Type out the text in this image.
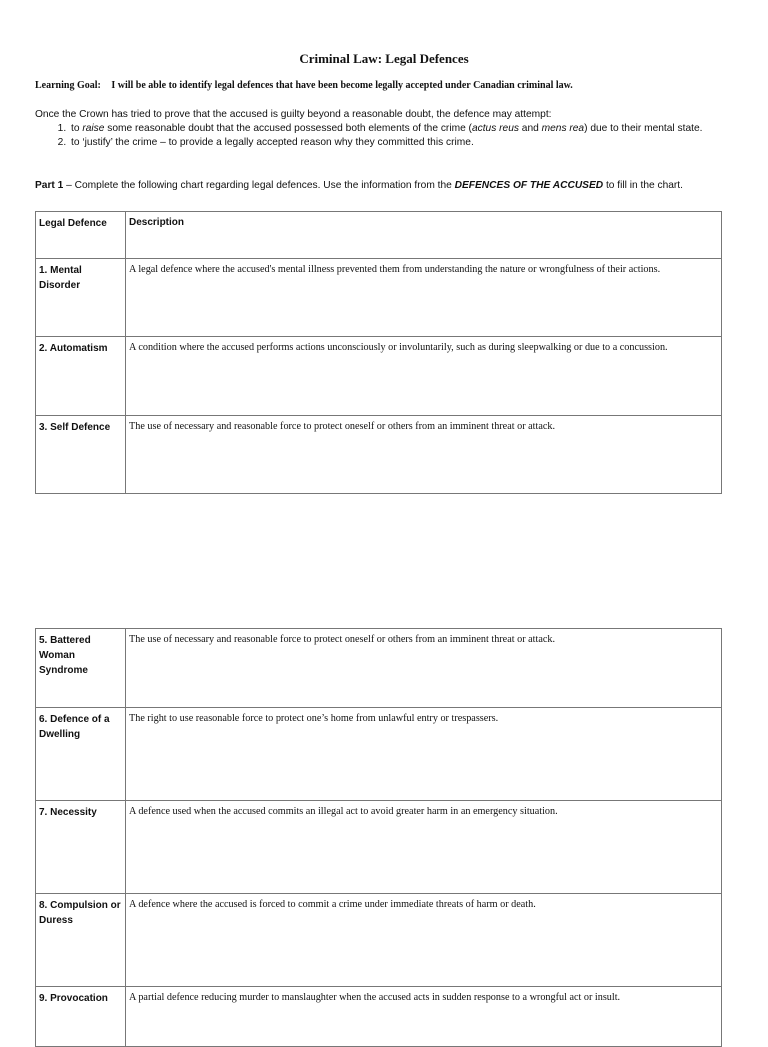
Criminal Law: Legal Defences
Learning Goal: I will be able to identify legal defences that have been become legally accepted under Canadian criminal law.
Once the Crown has tried to prove that the accused is guilty beyond a reasonable doubt, the defence may attempt:
1. to raise some reasonable doubt that the accused possessed both elements of the crime (actus reus and mens rea) due to their mental state.
2. to ‘justify’ the crime – to provide a legally accepted reason why they committed this crime.
Part 1 – Complete the following chart regarding legal defences. Use the information from the DEFENCES OF THE ACCUSED to fill in the chart.
Legal Defence	Description
1. Mental Disorder	A legal defence where the accused's mental illness prevented them from understanding the nature or wrongfulness of their actions.
2. Automatism	A condition where the accused performs actions unconsciously or involuntarily, such as during sleepwalking or due to a concussion.
3. Self Defence	The use of necessary and reasonable force to protect oneself or others from an imminent threat or attack.
5. Battered Woman Syndrome	The use of necessary and reasonable force to protect oneself or others from an imminent threat or attack.
6. Defence of a Dwelling	The right to use reasonable force to protect one’s home from unlawful entry or trespassers.
7. Necessity	A defence used when the accused commits an illegal act to avoid greater harm in an emergency situation.
8. Compulsion or Duress	A defence where the accused is forced to commit a crime under immediate threats of harm or death.
9. Provocation	A partial defence reducing murder to manslaughter when the accused acts in sudden response to a wrongful act or insult.
